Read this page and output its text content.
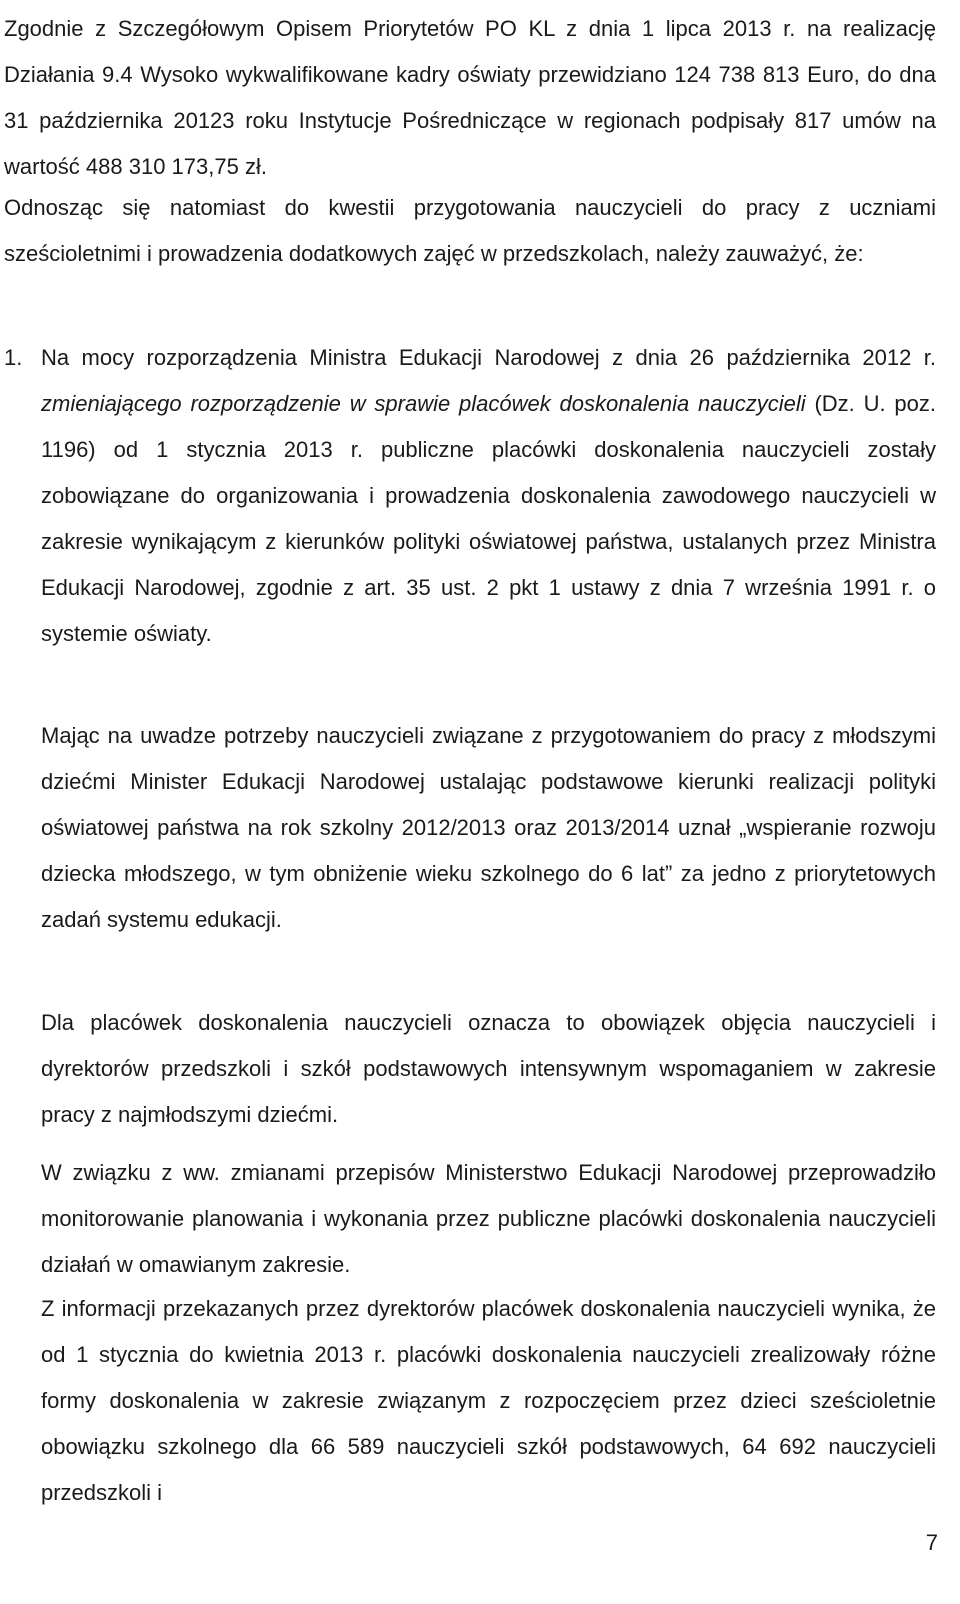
Zgodnie z Szczegółowym Opisem Priorytetów PO KL z dnia 1 lipca 2013 r. na realizację Działania 9.4 Wysoko wykwalifikowane kadry oświaty przewidziano 124 738 813 Euro, do dna 31 października 20123 roku Instytucje Pośredniczące w regionach podpisały 817 umów na wartość 488 310 173,75 zł.

Odnosząc się natomiast do kwestii przygotowania nauczycieli do pracy z uczniami sześcioletnimi i prowadzenia dodatkowych zajęć w przedszkolach, należy zauważyć, że:

1. Na mocy rozporządzenia Ministra Edukacji Narodowej z dnia 26 października 2012 r. zmieniającego rozporządzenie w sprawie placówek doskonalenia nauczycieli (Dz. U. poz. 1196) od 1 stycznia 2013 r. publiczne placówki doskonalenia nauczycieli zostały zobowiązane do organizowania i prowadzenia doskonalenia zawodowego nauczycieli w zakresie wynikającym z kierunków polityki oświatowej państwa, ustalanych przez Ministra Edukacji Narodowej, zgodnie z art. 35 ust. 2 pkt 1 ustawy z dnia 7 września 1991 r. o systemie oświaty.

Mając na uwadze potrzeby nauczycieli związane z przygotowaniem do pracy z młodszymi dziećmi Minister Edukacji Narodowej ustalając podstawowe kierunki realizacji polityki oświatowej państwa na rok szkolny 2012/2013 oraz 2013/2014 uznał „wspieranie rozwoju dziecka młodszego, w tym obniżenie wieku szkolnego do 6 lat” za jedno z priorytetowych zadań systemu edukacji.

Dla placówek doskonalenia nauczycieli oznacza to obowiązek objęcia nauczycieli i dyrektorów przedszkoli i szkół podstawowych intensywnym wspomaganiem w zakresie pracy z najmłodszymi dziećmi.

W związku z ww. zmianami przepisów Ministerstwo Edukacji Narodowej przeprowadziło monitorowanie planowania i wykonania przez publiczne placówki doskonalenia nauczycieli działań w omawianym zakresie.

Z informacji przekazanych przez dyrektorów placówek doskonalenia nauczycieli wynika, że od 1 stycznia do kwietnia 2013 r. placówki doskonalenia nauczycieli zrealizowały różne formy doskonalenia w zakresie związanym z rozpoczęciem przez dzieci sześcioletnie obowiązku szkolnego dla 66 589 nauczycieli szkół podstawowych, 64 692 nauczycieli przedszkoli i

7
